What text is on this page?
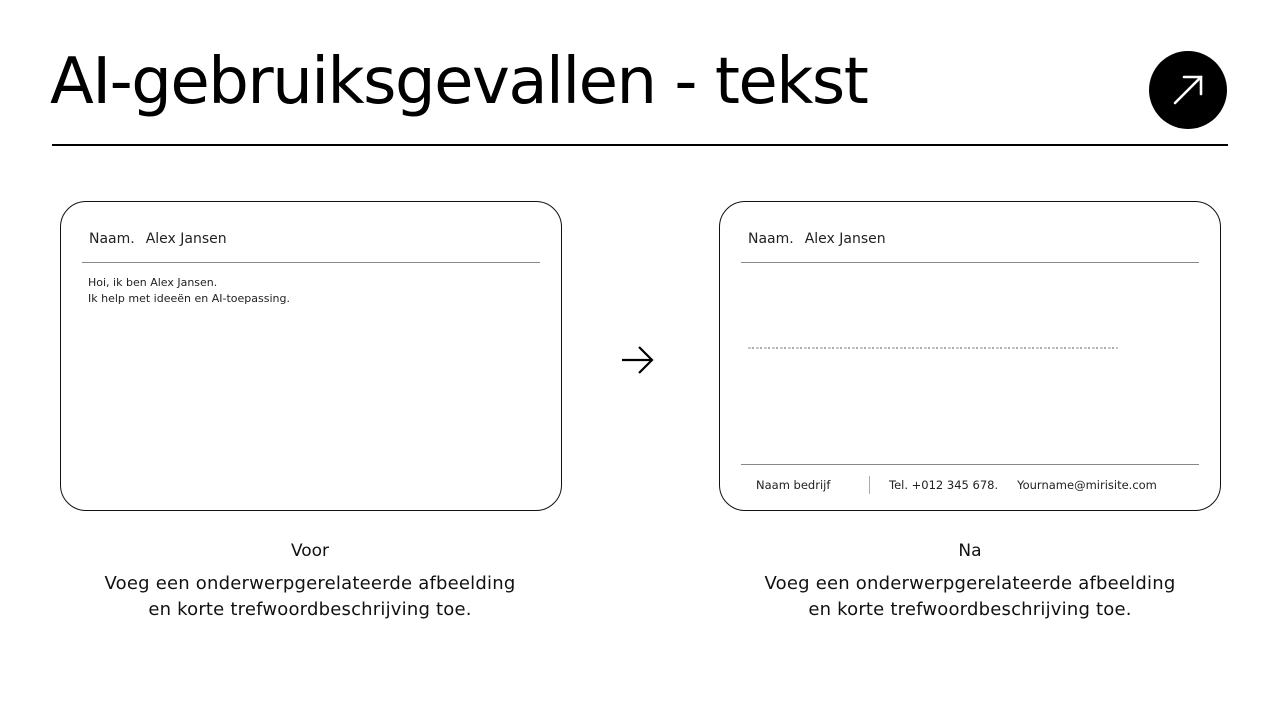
AI-gebruiksgevallen - tekst
Naam. Alex Jansen
Hoi, ik ben Alex Jansen.
Ik help met ideeën en AI-toepassing.
Naam. Alex Jansen
Naam bedrijf	Tel. +012 345 678. Yourname@mirisite.com
Voor
Voeg een onderwerpgerelateerde afbeelding
en korte trefwoordbeschrijving toe.
Na
Voeg een onderwerpgerelateerde afbeelding
en korte trefwoordbeschrijving toe.
